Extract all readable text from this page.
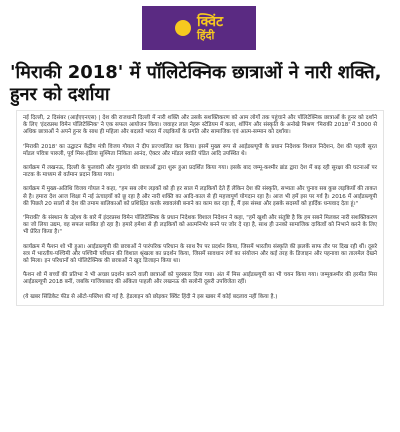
क्विंट
हिंदी
'मिराकी 2018' में पॉलिटेक्निक छात्राओं ने नारी शक्ति, हुनर को दर्शाया

नई दिल्ली, 2 दिसंबर (आईएएनएस) | देश की राजधानी दिल्ली में नारी शक्ति और उसके सशक्तिकरण को आम लोगों तक पहुंचाने और पॉलिटेक्निक छात्राओं के हुनर को दर्शाने के लिए 'इंदरप्रस्थ विमेन पॉलिटेक्निक' ने एक सफल आयोजन किया। जवाहर लाल नेहरू स्टेडियम में कला, शॉपिंग और संस्कृति के अनोखे मिश्रण 'मिराकी 2018' में 3000 से अधिक छात्राओं ने अपने हुनर के साथ ही महिला और बदलते भारत में लड़कियों के प्रगति और सामाजिक एवं आत्म-सम्मान को दर्शाया।

'मिराकी 2018' का उद्घाटन केंद्रीय मंत्री विजय गोयल ने दीप प्रज्ज्वलित कर किया। इसमें मुख्य रूप से आईडब्ल्यूपी के प्रधान निदेशक विशाल निदेशन, देश की पहली सूरत मॉडल पवित्रा पारुली, पूर्व मिस-इंडिया सुश्मिता निकिता आनंद, ऐक्टर और मॉडल स्वाति पंडित आदि उपस्थित थे।

कार्यक्रम में लखनऊ, दिल्ली के फुलवारी और गुड़गांव की छात्राओं द्वारा शुरू हुआ प्रदर्शित किया गया। इसके बाद जम्मू-कश्मीर ब्रांड द्वारा देश में बढ़ रही सुरक्षा की घटनाओं पर नाटक के माध्यम से वर्तमान प्रदान किया गया।

कार्यक्रम में मुख्य-अतिथि विजय गोयल ने कहा, "हम सब लोग लड़कों को ही हर साल में लड़कियों देते हैं लेकिन देश की संस्कृति, सभ्यता और चुनाव सब कुछ लड़कियों की ताकत से है। हमारा देश आज शिक्षा में नई ऊंचाइयों को छू रहा है और नारी शक्ति का आदि-काल से ही महत्त्वपूर्ण योगदान रहा है। आज भी हमें इस पर गर्व है। 2016 में आईडब्ल्यूपी की पिछले 20 सालों से देश की तमाम बालिकाओं को प्रशिक्षित करके स्वावलंबी बनाने का काम कर रहा है, मैं इस संस्था और इसके सदस्यों को हार्दिक धन्यवाद देता हूं।"

'मिराकी' के संस्थान के उद्देश्य के बारे में इंदरप्रस्थ विमेन पॉलिटेक्निक के प्रधान निदेशक विशाल निदेशन ने कहा, "हमें खुशी और संतुष्टि है कि हम सबने मिलकर नारी सशक्तिकरण का जो लिया उद्यम, वह सफल साबित हो रहा है। हमारे हमेशा से ही लड़कियों को आत्मनिर्भर बनने पर जोर दे रहा है, साथ ही उनको सामाजिक दायित्वों को निभाने करने के लिए भी प्रेरित किया है।"

कार्यक्रम में फैशन शो भी हुआ। आईडब्ल्यूपी की छात्राओं ने पारंपरिक परिधान के साथ रैंप पर प्रदर्शन किया, जिसमें भारतीय संस्कृति की झलकें साफ तौर पर दिख रही थीं। दूसरे सत्र में भारतीय-पश्चिमी और पश्चिमी परिधान की विशाल श्रृंखला का प्रदर्शन किया, जिसमें सावधान रंगों का संयोजन और कई तरह के डिजाइन और पहनावा का तालमेल देखने को मिला। इन परिधानों को पॉलिटेक्निक की छात्राओं ने खुद डिजाइन किया था।

फैशन शो में बच्चों की प्रतिभा ने भी अच्छा प्रदर्शन करने वाली छात्राओं को पुरस्कार दिया गया। अंत में मिस आईडब्ल्यूपी का भी चयन किया गया। जम्मूकश्मीर की हरमीत मिस आईडब्ल्यूपी 2018 बनीं, जबकि गाजियाबाद की अंकिता पाहली और लखनऊ की सलोनी दूसरी उपविजेता रहीं।

(ये खबर सिंडिकेट फीड से ऑटो-पब्लिश की गई है. हेडलाइन को छोड़कर क्विंट हिंदी ने इस खबर में कोई बदलाव नहीं किया है.)
